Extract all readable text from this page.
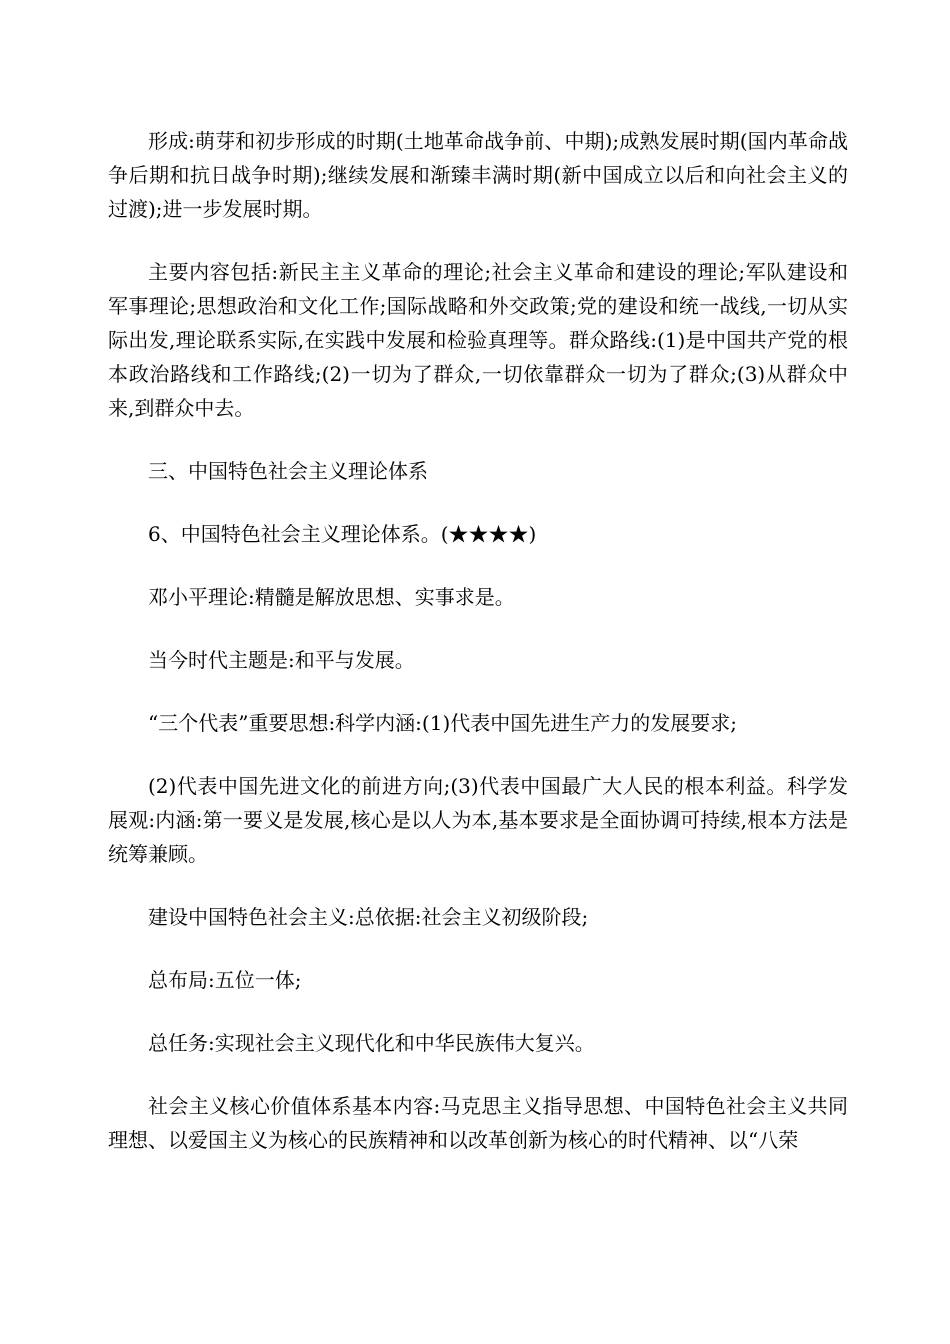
形成:萌芽和初步形成的时期(土地革命战争前、中期);成熟发展时期(国内革命战争后期和抗日战争时期);继续发展和渐臻丰满时期(新中国成立以后和向社会主义的过渡);进一步发展时期。

主要内容包括:新民主主义革命的理论;社会主义革命和建设的理论;军队建设和军事理论;思想政治和文化工作;国际战略和外交政策;党的建设和统一战线,一切从实际出发,理论联系实际,在实践中发展和检验真理等。群众路线:(1)是中国共产党的根本政治路线和工作路线;(2)一切为了群众,一切依靠群众一切为了群众;(3)从群众中来,到群众中去。

三、中国特色社会主义理论体系

6、中国特色社会主义理论体系。(★★★★)

邓小平理论:精髓是解放思想、实事求是。

当今时代主题是:和平与发展。

“三个代表”重要思想:科学内涵:(1)代表中国先进生产力的发展要求;

(2)代表中国先进文化的前进方向;(3)代表中国最广大人民的根本利益。科学发展观:内涵:第一要义是发展,核心是以人为本,基本要求是全面协调可持续,根本方法是统筹兼顾。

建设中国特色社会主义:总依据:社会主义初级阶段;

总布局:五位一体;

总任务:实现社会主义现代化和中华民族伟大复兴。

社会主义核心价值体系基本内容:马克思主义指导思想、中国特色社会主义共同理想、以爱国主义为核心的民族精神和以改革创新为核心的时代精神、以“八荣
